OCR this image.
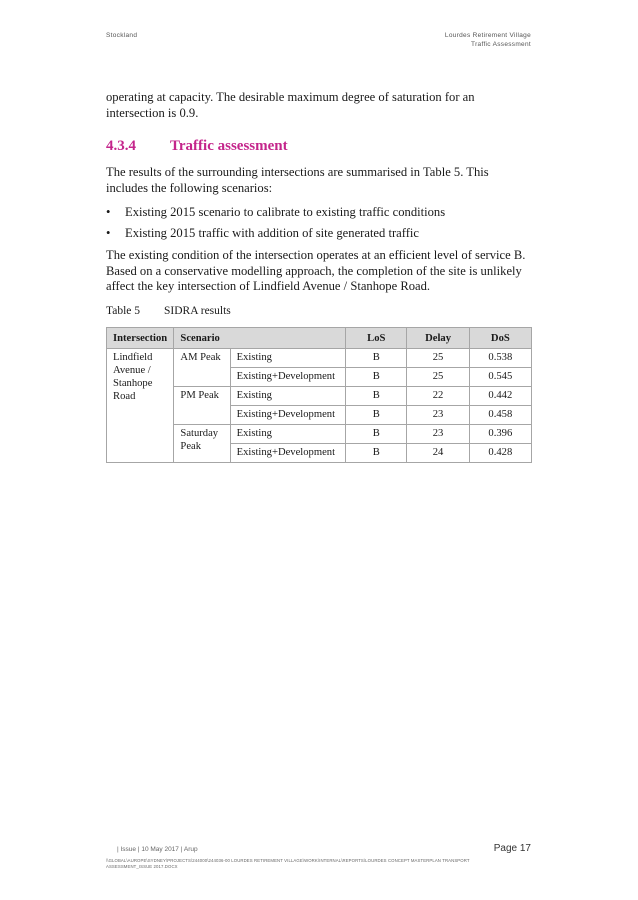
Stockland	Lourdes Retirement Village
Traffic Assessment

operating at capacity. The desirable maximum degree of saturation for an intersection is 0.9.

4.3.4 Traffic assessment

The results of the surrounding intersections are summarised in Table 5. This includes the following scenarios:

• Existing 2015 scenario to calibrate to existing traffic conditions
• Existing 2015 traffic with addition of site generated traffic

The existing condition of the intersection operates at an efficient level of service B. Based on a conservative modelling approach, the completion of the site is unlikely affect the key intersection of Lindfield Avenue / Stanhope Road.

Table 5 SIDRA results
Intersection	Scenario		LoS	Delay	DoS
Lindfield Avenue / Stanhope Road	AM Peak	Existing	B	25	0.538
		Existing+Development	B	25	0.545
	PM Peak	Existing	B	22	0.442
		Existing+Development	B	23	0.458
	Saturday Peak	Existing	B	23	0.396
		Existing+Development	B	24	0.428
| Issue | 10 May 2017 | Arup	Page 17
\\GLOBAL\AUROPE\SYDNEY\PROJECTS\244000\244036-00 LOURDES RETIREMENT VILLAGE\WORK\INTERNAL\REPORTS\LOURDES CONCEPT MASTERPLAN TRANSPORT ASSESSMENT_ISSUE 2017.DOCX
